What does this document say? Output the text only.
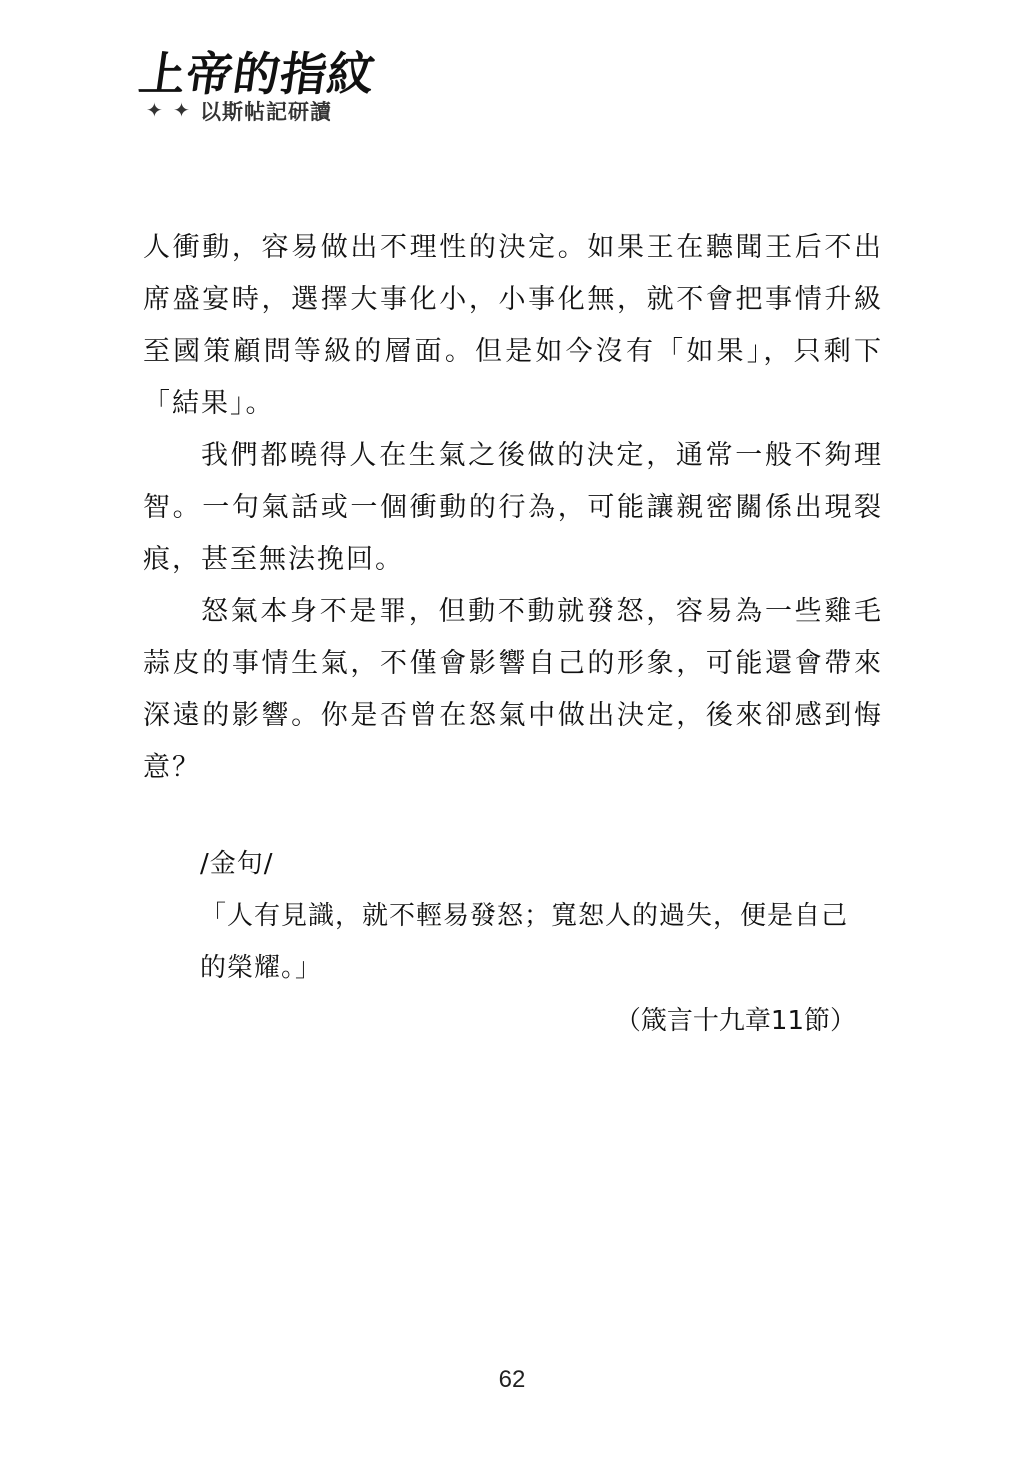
上帝的指紋
✦ ✦ 以斯帖記研讀

人衝動，容易做出不理性的決定。如果王在聽聞王后不出席盛宴時，選擇大事化小，小事化無，就不會把事情升級至國策顧問等級的層面。但是如今沒有「如果」，只剩下「結果」。

我們都曉得人在生氣之後做的決定，通常一般不夠理智。一句氣話或一個衝動的行為，可能讓親密關係出現裂痕，甚至無法挽回。

怒氣本身不是罪，但動不動就發怒，容易為一些雞毛蒜皮的事情生氣，不僅會影響自己的形象，可能還會帶來深遠的影響。你是否曾在怒氣中做出決定，後來卻感到悔意？

/金句/

「人有見識，就不輕易發怒；寬恕人的過失，便是自己的榮耀。」

（箴言十九章11節）
62
